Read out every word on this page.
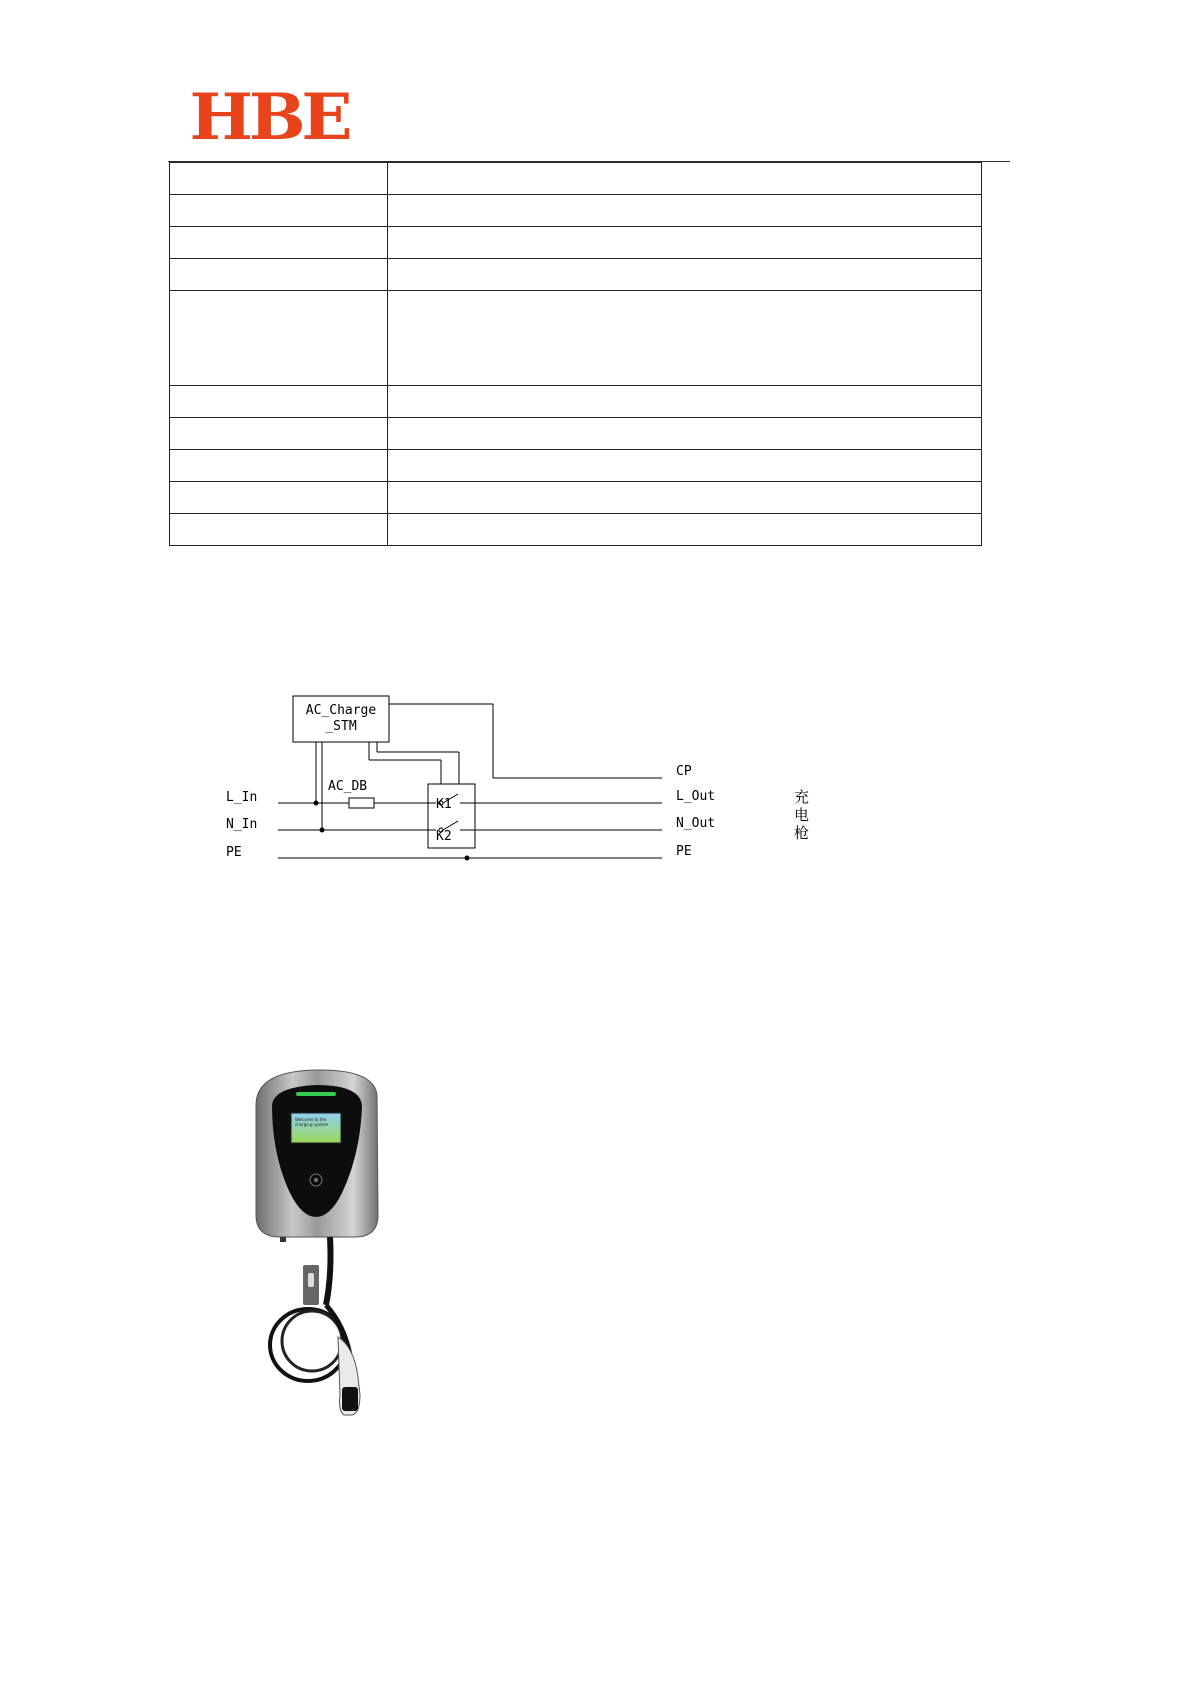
HBE

AC_Charge
_STM
AC_DB
K1
K2
L_In
N_In
PE
CP
L_Out
N_Out
PE
充
电
枪
Welcome to the
charging system
